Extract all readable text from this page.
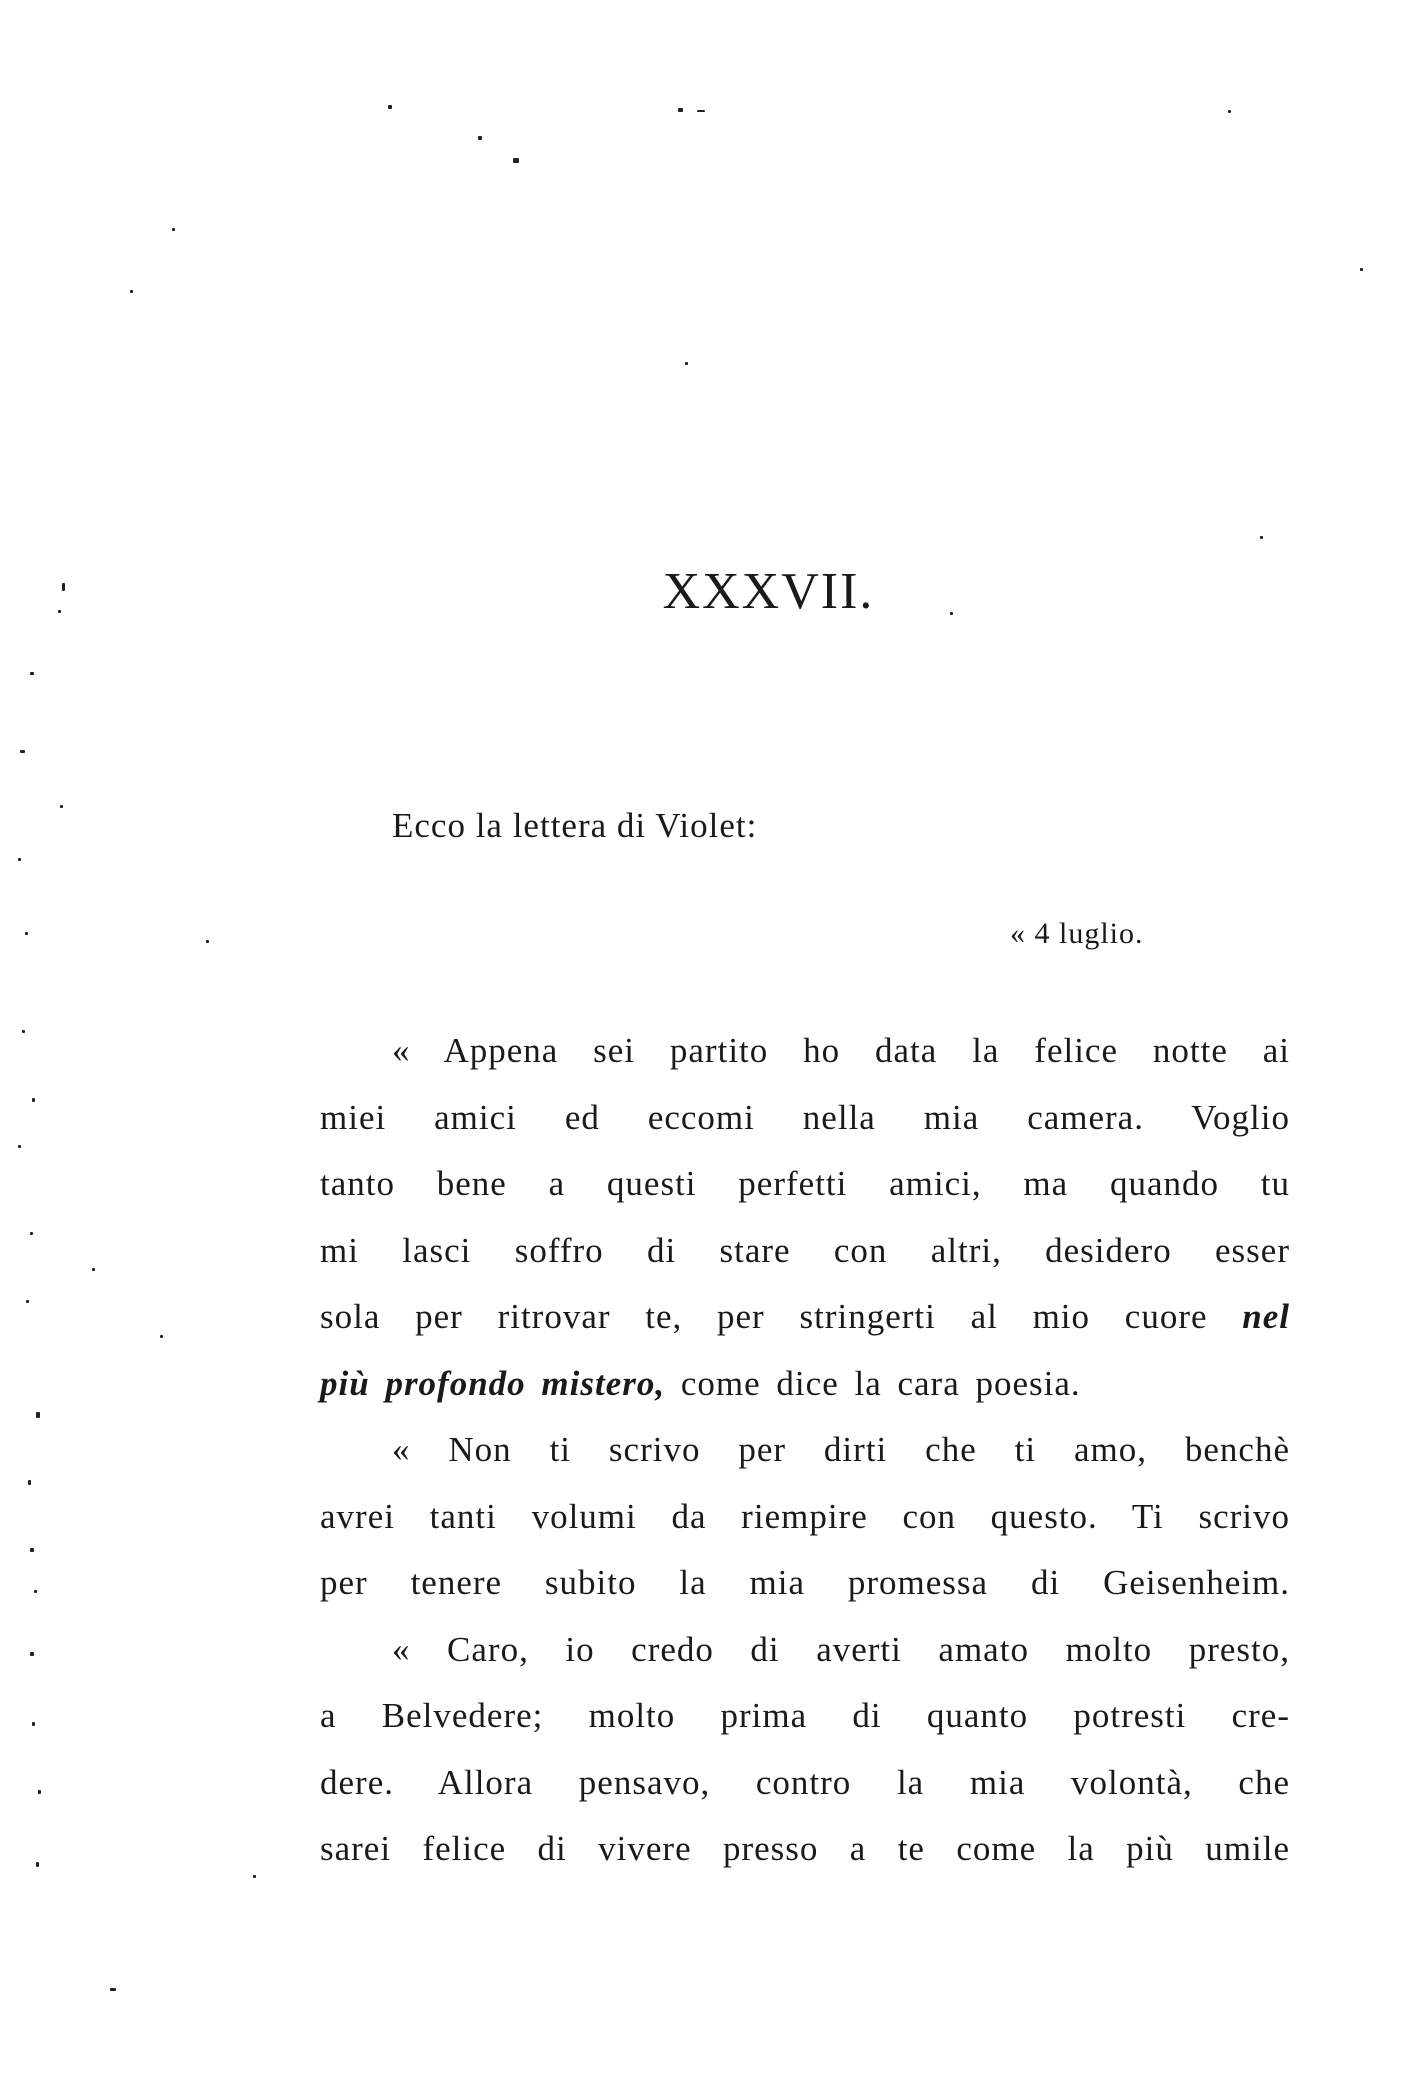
XXXVII.

Ecco la lettera di Violet:

« 4 luglio.

« Appena sei partito ho data la felice notte ai
miei amici ed eccomi nella mia camera. Voglio
tanto bene a questi perfetti amici, ma quando tu
mi lasci soffro di stare con altri, desidero esser
sola per ritrovar te, per stringerti al mio cuore nel
più profondo mistero, come dice la cara poesia.
« Non ti scrivo per dirti che ti amo, benchè
avrei tanti volumi da riempire con questo. Ti scrivo
per tenere subito la mia promessa di Geisenheim.
« Caro, io credo di averti amato molto presto,
a Belvedere; molto prima di quanto potresti cre-
dere. Allora pensavo, contro la mia volontà, che
sarei felice di vivere presso a te come la più umile
